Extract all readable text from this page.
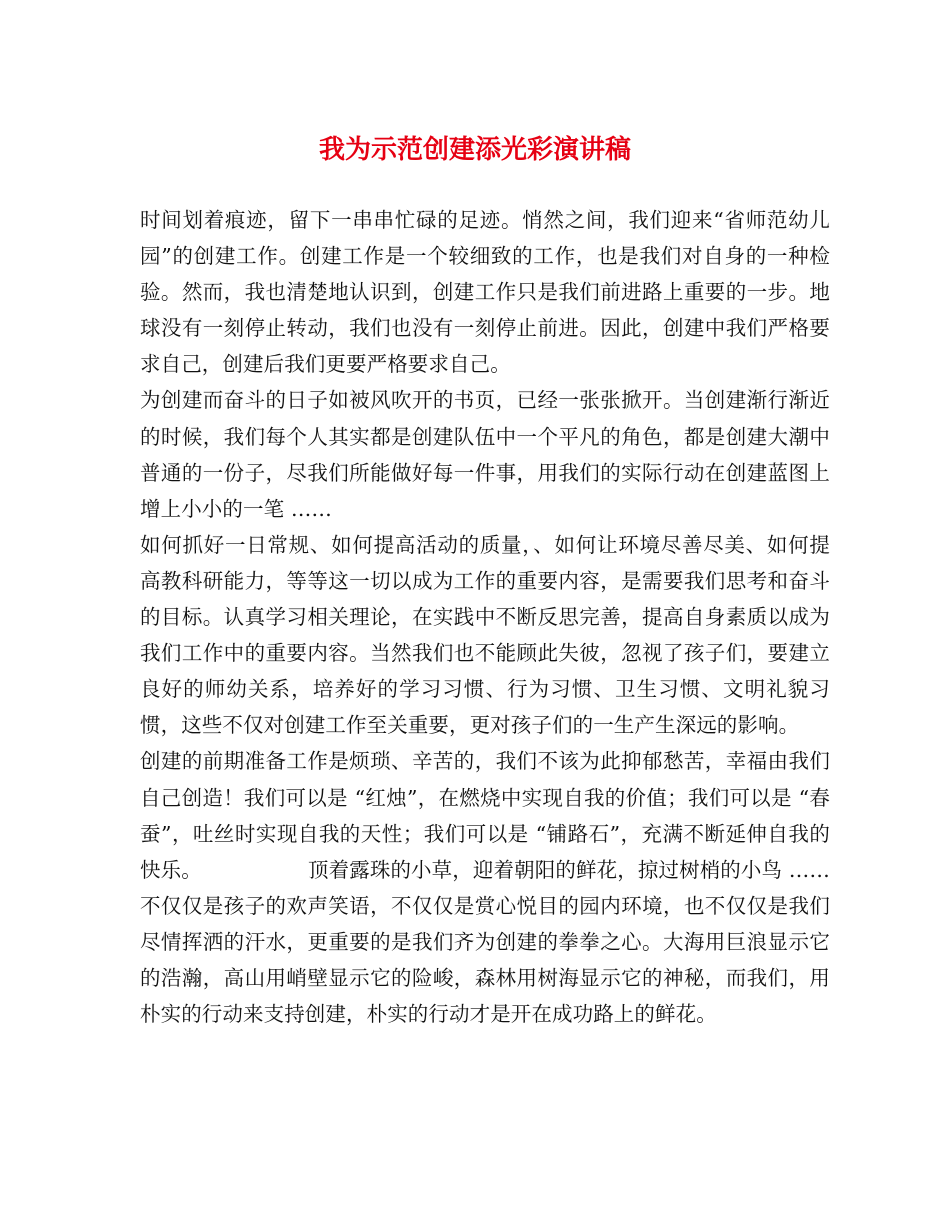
我为示范创建添光彩演讲稿

时间划着痕迹，留下一串串忙碌的足迹。悄然之间，我们迎来“省师范幼儿园”的创建工作。创建工作是一个较细致的工作，也是我们对自身的一种检验。然而，我也清楚地认识到，创建工作只是我们前进路上重要的一步。地球没有一刻停止转动，我们也没有一刻停止前进。因此，创建中我们严格要求自己，创建后我们更要严格要求自己。

为创建而奋斗的日子如被风吹开的书页，已经一张张掀开。当创建渐行渐近的时候，我们每个人其实都是创建队伍中一个平凡的角色，都是创建大潮中普通的一份子，尽我们所能做好每一件事，用我们的实际行动在创建蓝图上增上小小的一笔 ……

如何抓好一日常规、如何提高活动的质量，、如何让环境尽善尽美、如何提高教科研能力，等等这一切以成为工作的重要内容，是需要我们思考和奋斗的目标。认真学习相关理论，在实践中不断反思完善，提高自身素质以成为我们工作中的重要内容。当然我们也不能顾此失彼，忽视了孩子们，要建立良好的师幼关系，培养好的学习习惯、行为习惯、卫生习惯、文明礼貌习惯，这些不仅对创建工作至关重要，更对孩子们的一生产生深远的影响。

创建的前期准备工作是烦琐、辛苦的，我们不该为此抑郁愁苦，幸福由我们自己创造！我们可以是 “红烛”，在燃烧中实现自我的价值；我们可以是 “春蚕”，吐丝时实现自我的天性；我们可以是 “铺路石”，充满不断延伸自我的快乐。                顶着露珠的小草，迎着朝阳的鲜花，掠过树梢的小鸟 ……不仅仅是孩子的欢声笑语，不仅仅是赏心悦目的园内环境，也不仅仅是我们尽情挥洒的汗水，更重要的是我们齐为创建的拳拳之心。大海用巨浪显示它的浩瀚，高山用峭壁显示它的险峻，森林用树海显示它的神秘，而我们，用朴实的行动来支持创建，朴实的行动才是开在成功路上的鲜花。
